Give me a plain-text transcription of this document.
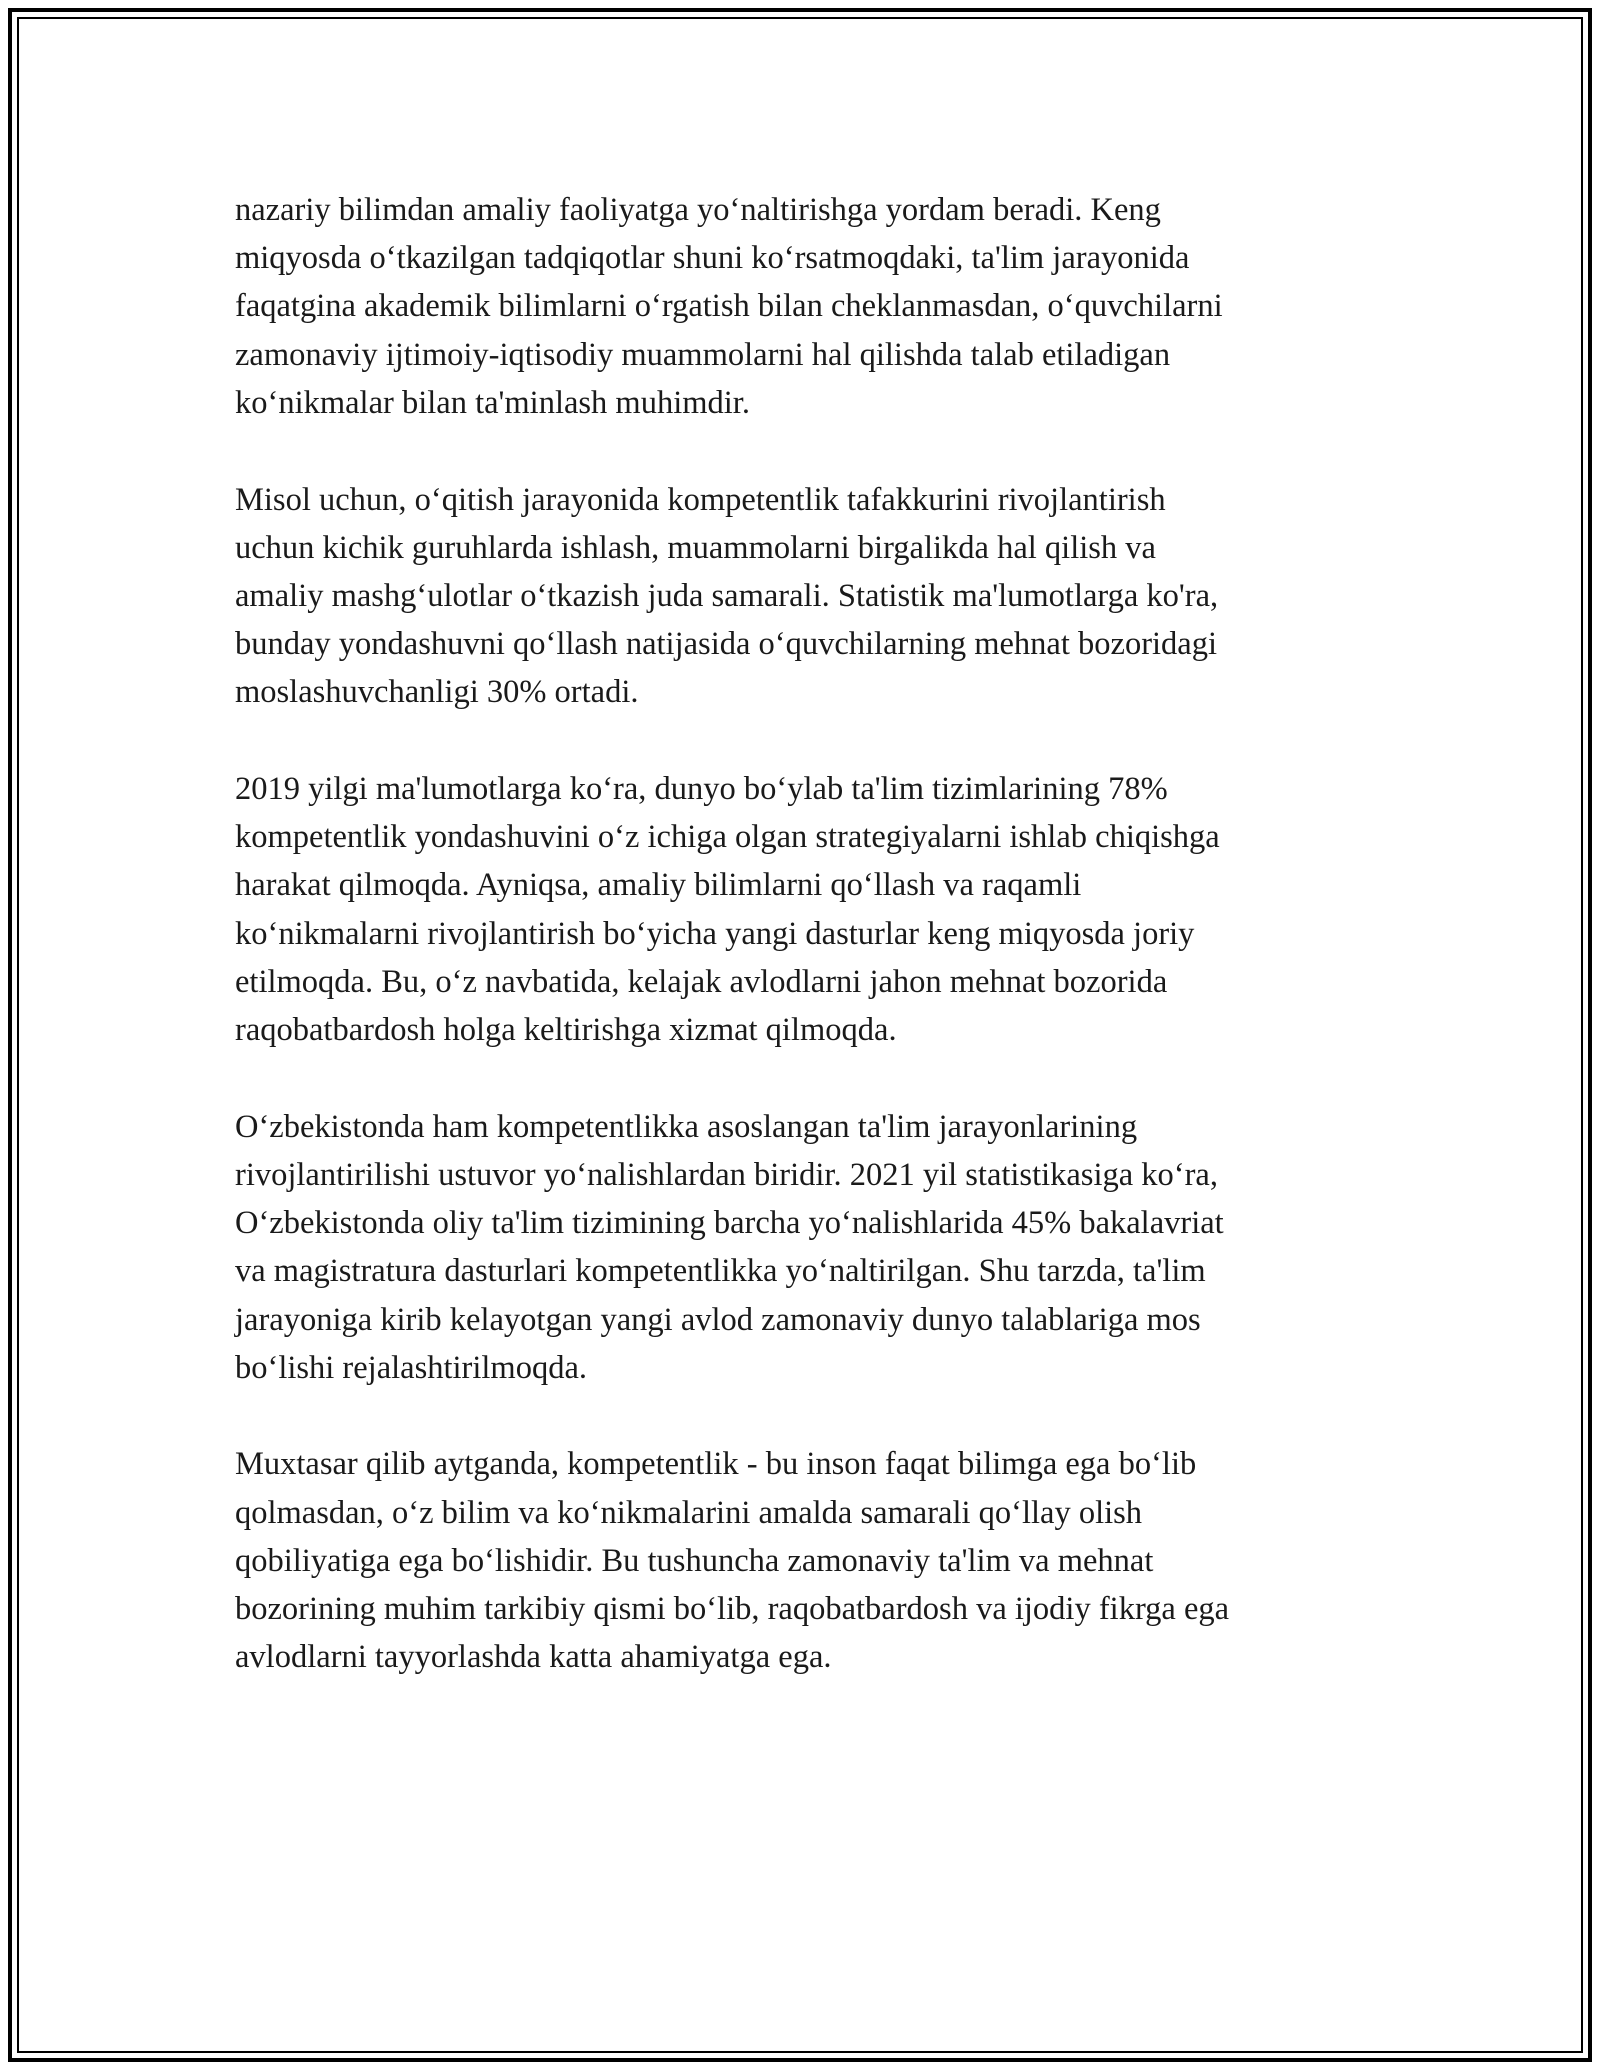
nazariy bilimdan amaliy faoliyatga yo‘naltirishga yordam beradi. Keng
miqyosda o‘tkazilgan tadqiqotlar shuni ko‘rsatmoqdaki, ta'lim jarayonida
faqatgina akademik bilimlarni o‘rgatish bilan cheklanmasdan, o‘quvchilarni
zamonaviy ijtimoiy-iqtisodiy muammolarni hal qilishda talab etiladigan
ko‘nikmalar bilan ta'minlash muhimdir.

Misol uchun, o‘qitish jarayonida kompetentlik tafakkurini rivojlantirish
uchun kichik guruhlarda ishlash, muammolarni birgalikda hal qilish va
amaliy mashg‘ulotlar o‘tkazish juda samarali. Statistik ma'lumotlarga ko'ra,
bunday yondashuvni qo‘llash natijasida o‘quvchilarning mehnat bozoridagi
moslashuvchanligi 30% ortadi.

2019 yilgi ma'lumotlarga ko‘ra, dunyo bo‘ylab ta'lim tizimlarining 78%
kompetentlik yondashuvini o‘z ichiga olgan strategiyalarni ishlab chiqishga
harakat qilmoqda. Ayniqsa, amaliy bilimlarni qo‘llash va raqamli
ko‘nikmalarni rivojlantirish bo‘yicha yangi dasturlar keng miqyosda joriy
etilmoqda. Bu, o‘z navbatida, kelajak avlodlarni jahon mehnat bozorida
raqobatbardosh holga keltirishga xizmat qilmoqda.

O‘zbekistonda ham kompetentlikka asoslangan ta'lim jarayonlarining
rivojlantirilishi ustuvor yo‘nalishlardan biridir. 2021 yil statistikasiga ko‘ra,
O‘zbekistonda oliy ta'lim tizimining barcha yo‘nalishlarida 45% bakalavriat
va magistratura dasturlari kompetentlikka yo‘naltirilgan. Shu tarzda, ta'lim
jarayoniga kirib kelayotgan yangi avlod zamonaviy dunyo talablariga mos
bo‘lishi rejalashtirilmoqda.

Muxtasar qilib aytganda, kompetentlik - bu inson faqat bilimga ega bo‘lib
qolmasdan, o‘z bilim va ko‘nikmalarini amalda samarali qo‘llay olish
qobiliyatiga ega bo‘lishidir. Bu tushuncha zamonaviy ta'lim va mehnat
bozorining muhim tarkibiy qismi bo‘lib, raqobatbardosh va ijodiy fikrga ega
avlodlarni tayyorlashda katta ahamiyatga ega.
